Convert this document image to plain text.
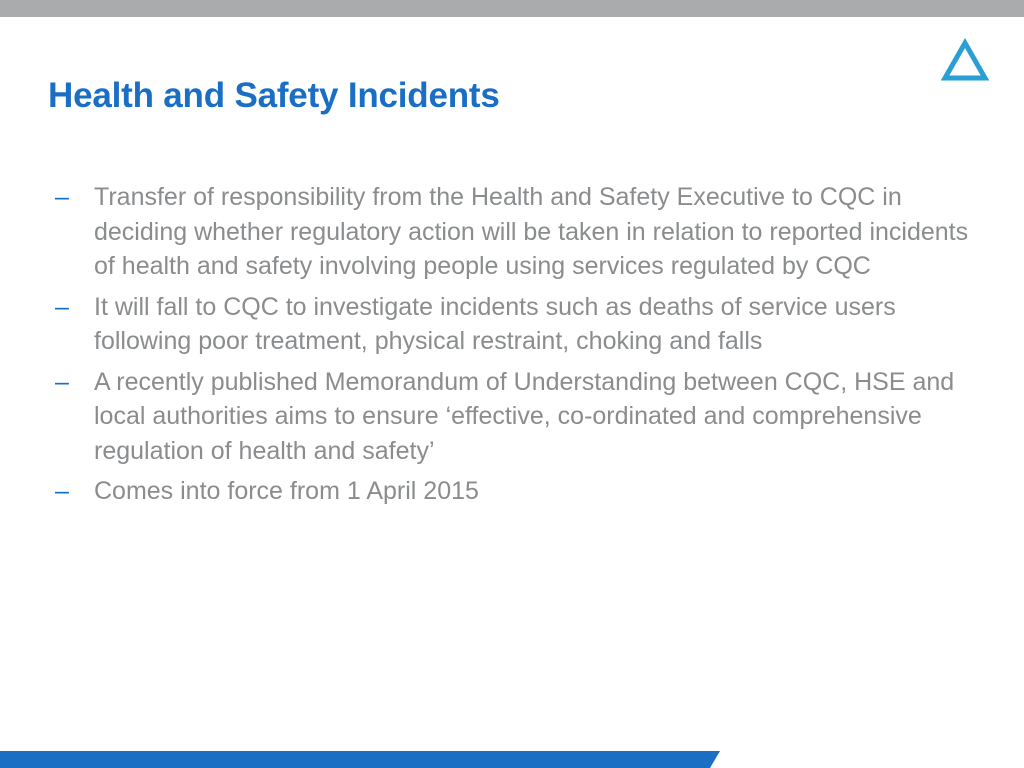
Health and Safety Incidents
– Transfer of responsibility from the Health and Safety Executive to CQC in deciding whether regulatory action will be taken in relation to reported incidents of health and safety involving people using services regulated by CQC
– It will fall to CQC to investigate incidents such as deaths of service users following poor treatment, physical restraint, choking and falls
– A recently published Memorandum of Understanding between CQC, HSE and local authorities aims to ensure ‘effective, co-ordinated and comprehensive regulation of health and safety’
– Comes into force from 1 April 2015
